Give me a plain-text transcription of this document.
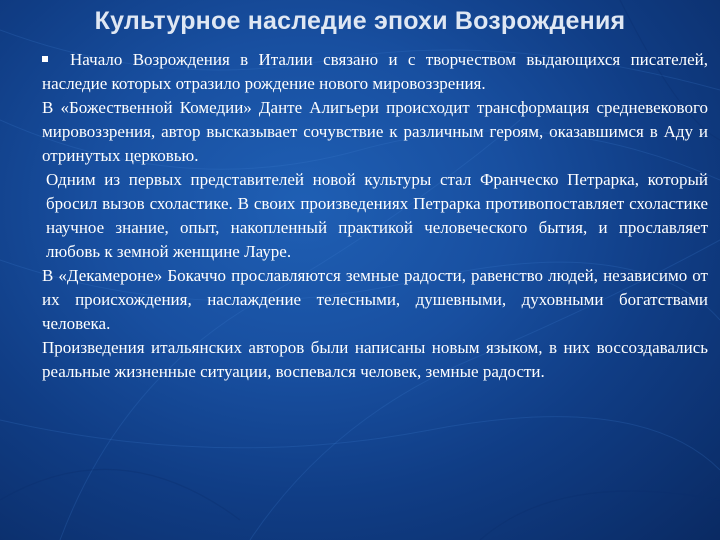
Культурное наследие эпохи Возрождения

Начало Возрождения в Италии связано и с творчеством выдающихся писателей, наследие которых отразило рождение нового мировоззрения.

В «Божественной Комедии» Данте Алигьери происходит трансформация средневекового мировоззрения, автор высказывает сочувствие к различным героям, оказавшимся в Аду и отринутых церковью.

Одним из первых представителей новой культуры стал Франческо Петрарка, который бросил вызов схоластике. В своих произведениях Петрарка противопоставляет схоластике научное знание, опыт, накопленный практикой человеческого бытия, и прославляет любовь к земной женщине Лауре.

В «Декамероне» Бокаччо прославляются земные радости, равенство людей, независимо от их происхождения, наслаждение телесными, душевными, духовными богатствами человека.

Произведения итальянских авторов были написаны новым языком, в них воссоздавались реальные жизненные ситуации, воспевался человек, земные радости.
